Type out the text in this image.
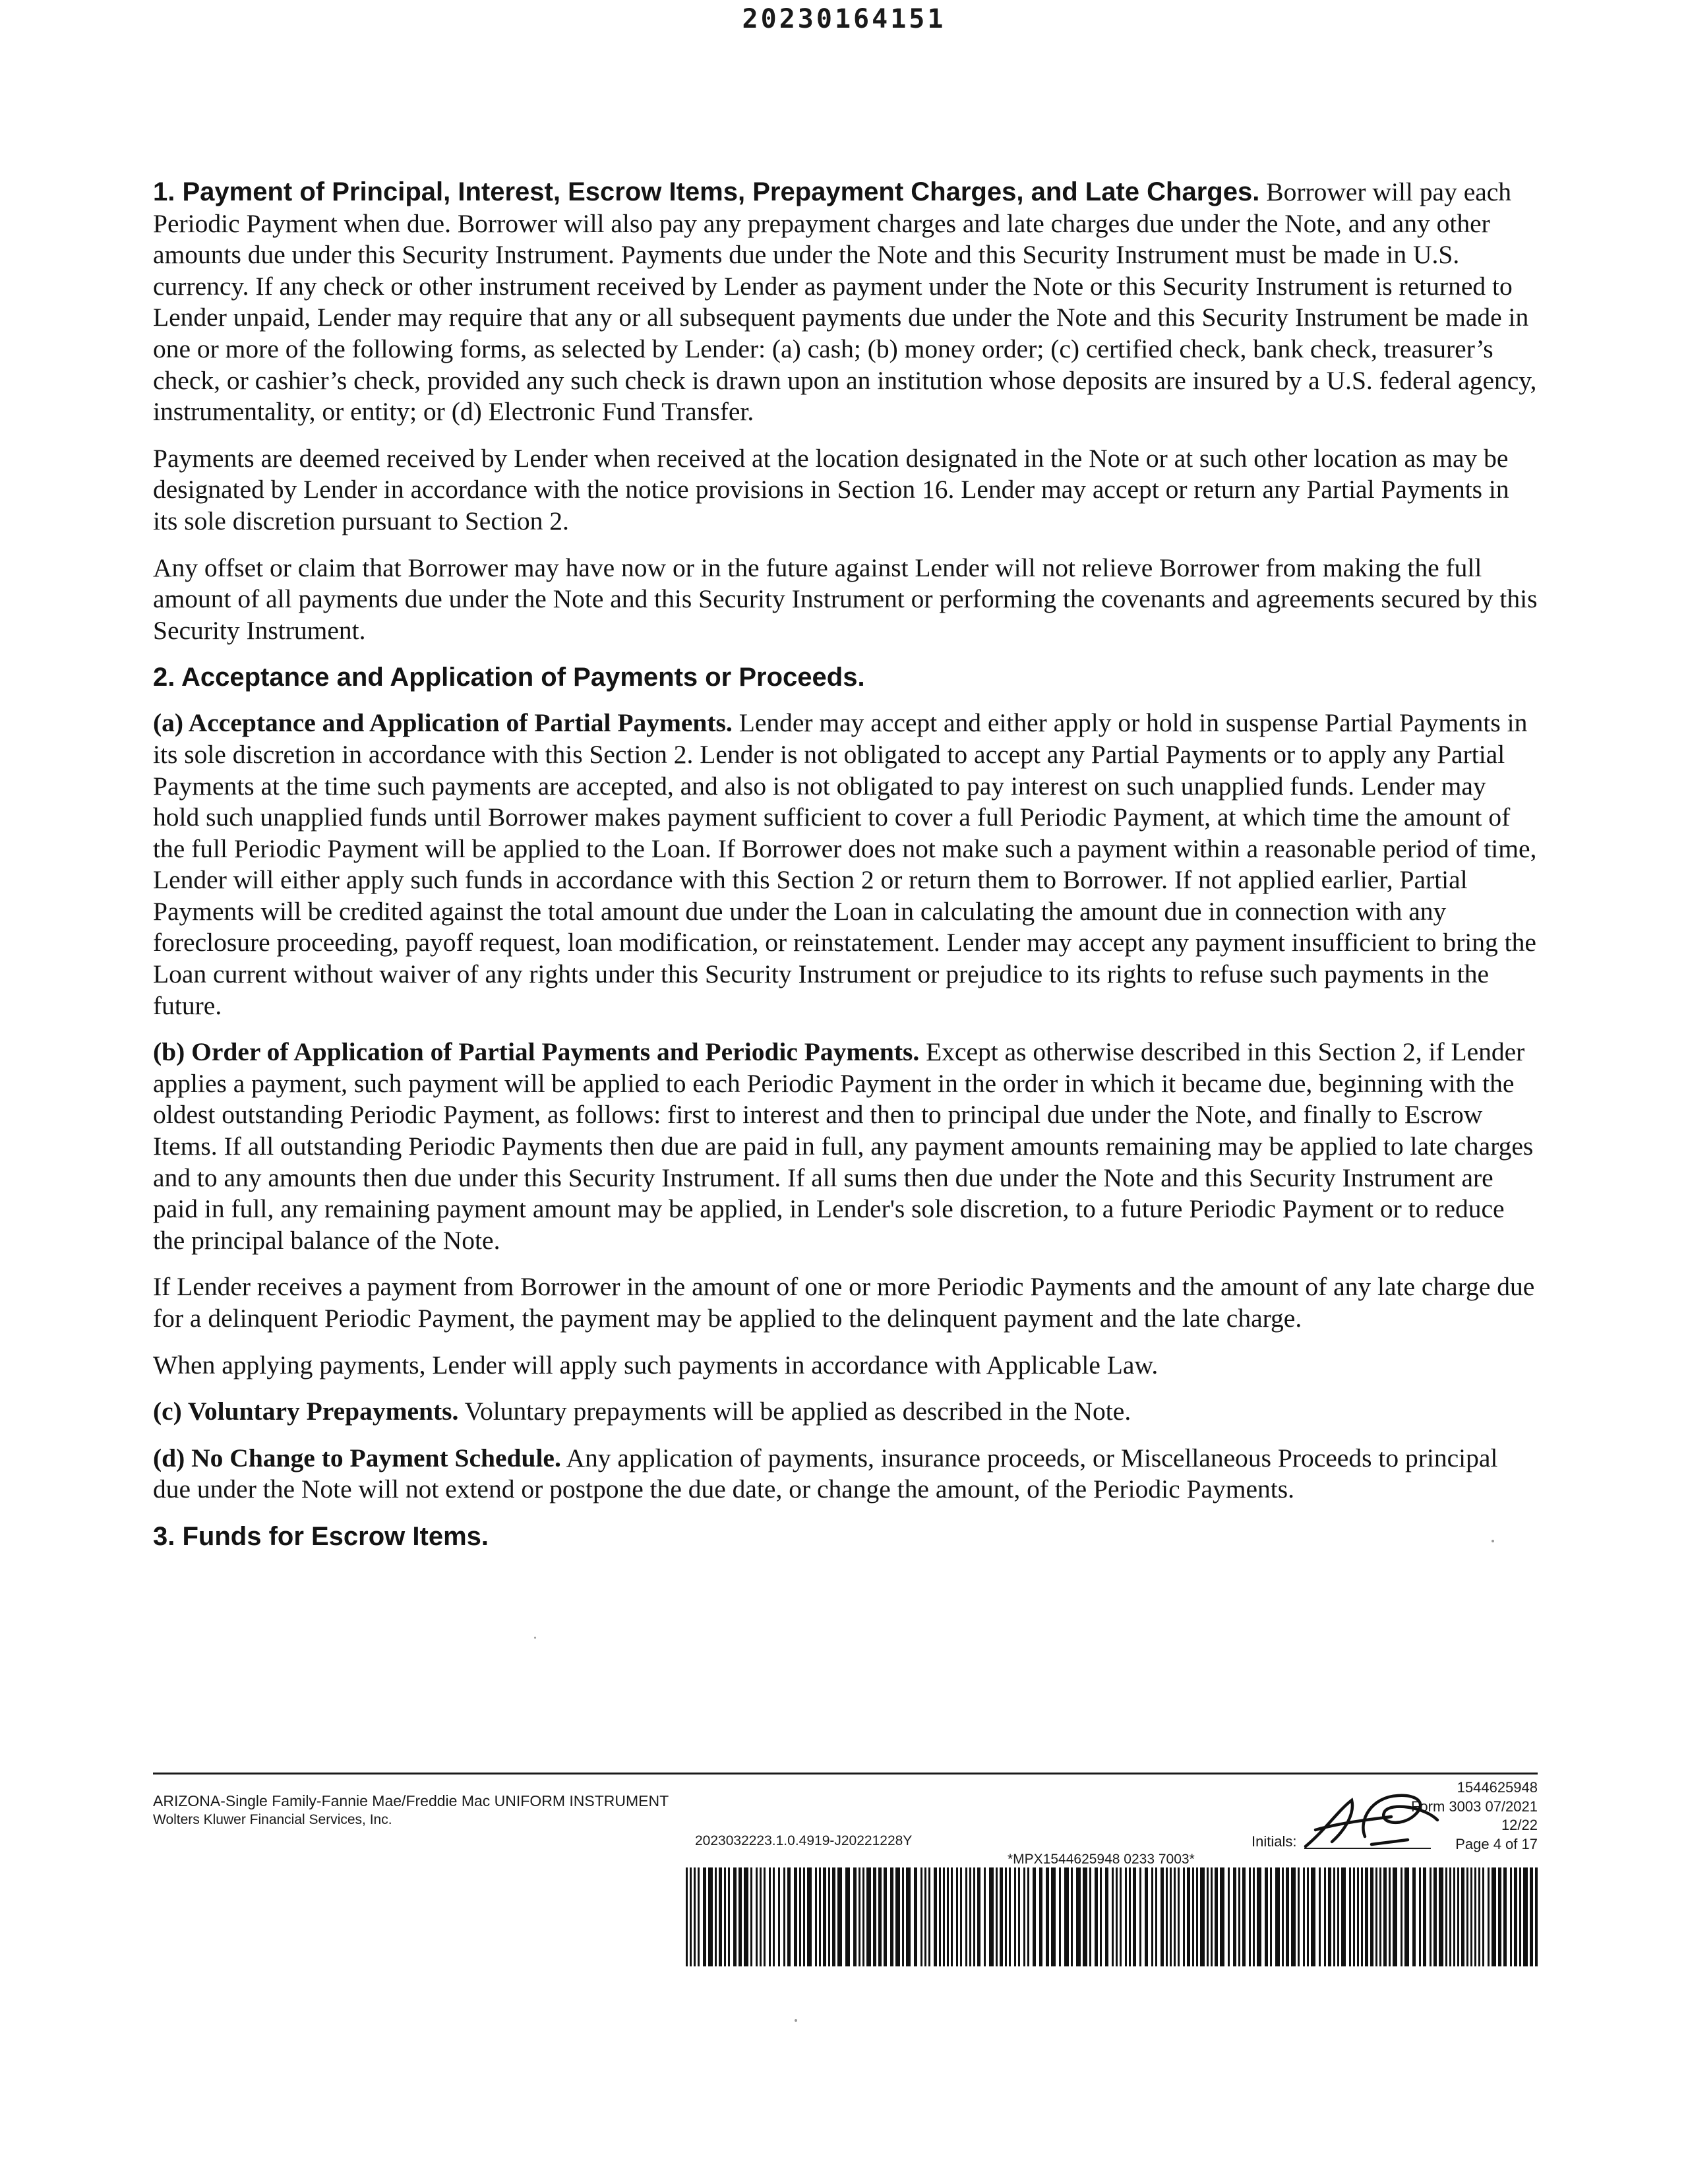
20230164151

1. Payment of Principal, Interest, Escrow Items, Prepayment Charges, and Late Charges. Borrower will pay each Periodic Payment when due. Borrower will also pay any prepayment charges and late charges due under the Note, and any other amounts due under this Security Instrument. Payments due under the Note and this Security Instrument must be made in U.S. currency. If any check or other instrument received by Lender as payment under the Note or this Security Instrument is returned to Lender unpaid, Lender may require that any or all subsequent payments due under the Note and this Security Instrument be made in one or more of the following forms, as selected by Lender: (a) cash; (b) money order; (c) certified check, bank check, treasurer’s check, or cashier’s check, provided any such check is drawn upon an institution whose deposits are insured by a U.S. federal agency, instrumentality, or entity; or (d) Electronic Fund Transfer.

Payments are deemed received by Lender when received at the location designated in the Note or at such other location as may be designated by Lender in accordance with the notice provisions in Section 16. Lender may accept or return any Partial Payments in its sole discretion pursuant to Section 2.

Any offset or claim that Borrower may have now or in the future against Lender will not relieve Borrower from making the full amount of all payments due under the Note and this Security Instrument or performing the covenants and agreements secured by this Security Instrument.

2. Acceptance and Application of Payments or Proceeds.

(a) Acceptance and Application of Partial Payments. Lender may accept and either apply or hold in suspense Partial Payments in its sole discretion in accordance with this Section 2. Lender is not obligated to accept any Partial Payments or to apply any Partial Payments at the time such payments are accepted, and also is not obligated to pay interest on such unapplied funds. Lender may hold such unapplied funds until Borrower makes payment sufficient to cover a full Periodic Payment, at which time the amount of the full Periodic Payment will be applied to the Loan. If Borrower does not make such a payment within a reasonable period of time, Lender will either apply such funds in accordance with this Section 2 or return them to Borrower. If not applied earlier, Partial Payments will be credited against the total amount due under the Loan in calculating the amount due in connection with any foreclosure proceeding, payoff request, loan modification, or reinstatement. Lender may accept any payment insufficient to bring the Loan current without waiver of any rights under this Security Instrument or prejudice to its rights to refuse such payments in the future.

(b) Order of Application of Partial Payments and Periodic Payments. Except as otherwise described in this Section 2, if Lender applies a payment, such payment will be applied to each Periodic Payment in the order in which it became due, beginning with the oldest outstanding Periodic Payment, as follows: first to interest and then to principal due under the Note, and finally to Escrow Items. If all outstanding Periodic Payments then due are paid in full, any payment amounts remaining may be applied to late charges and to any amounts then due under this Security Instrument. If all sums then due under the Note and this Security Instrument are paid in full, any remaining payment amount may be applied, in Lender's sole discretion, to a future Periodic Payment or to reduce the principal balance of the Note.

If Lender receives a payment from Borrower in the amount of one or more Periodic Payments and the amount of any late charge due for a delinquent Periodic Payment, the payment may be applied to the delinquent payment and the late charge.

When applying payments, Lender will apply such payments in accordance with Applicable Law.

(c) Voluntary Prepayments. Voluntary prepayments will be applied as described in the Note.

(d) No Change to Payment Schedule. Any application of payments, insurance proceeds, or Miscellaneous Proceeds to principal due under the Note will not extend or postpone the due date, or change the amount, of the Periodic Payments.

3. Funds for Escrow Items.
ARIZONA-Single Family-Fannie Mae/Freddie Mac UNIFORM INSTRUMENT
Wolters Kluwer Financial Services, Inc.
2023032223.1.0.4919-J20221228Y
1544625948
Form 3003 07/2021
12/22
Page 4 of 17
Initials:
*MPX1544625948 0233 7003*
